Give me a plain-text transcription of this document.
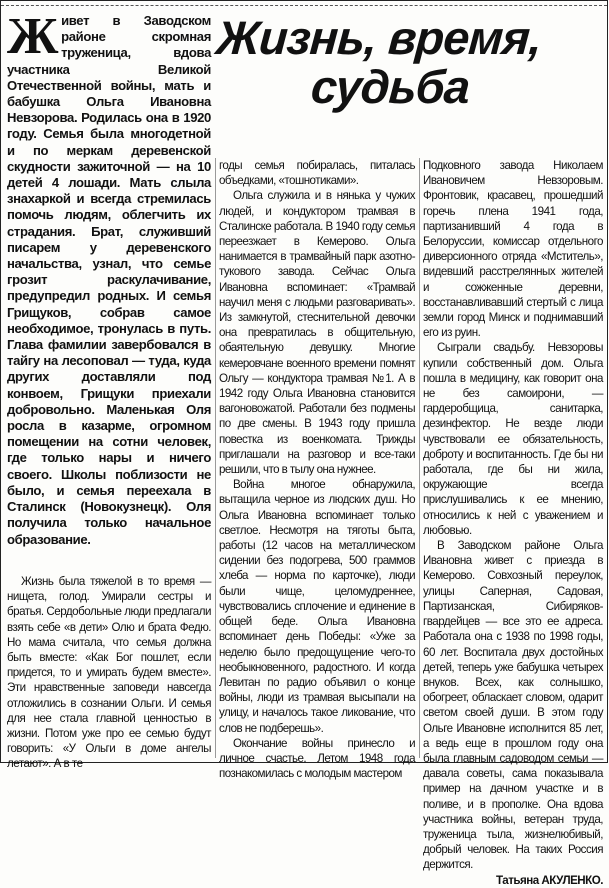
Жизнь, время,
судьба
Живет в Заводском районе скромная труженица, вдова участника Великой Отечественной войны, мать и бабушка Ольга Ивановна Невзорова. Родилась она в 1920 году. Семья была многодетной и по меркам деревенской скудности зажиточной — на 10 детей 4 лошади. Мать слыла знахаркой и всегда стремилась помочь людям, облегчить их страдания. Брат, служивший писарем у деревенского начальства, узнал, что семье грозит раскулачивание, предупредил родных. И семья Грищуков, собрав самое необходимое, тронулась в путь. Глава фамилии завербовался в тайгу на лесоповал — туда, куда других доставляли под конвоем, Грищуки приехали добровольно. Маленькая Оля росла в казарме, огромном помещении на сотни человек, где только нары и ничего своего. Школы поблизости не было, и семья переехала в Сталинск (Новокузнецк). Оля получила только начальное образование.

Жизнь была тяжелой в то время — нищета, голод. Умирали сестры и братья. Сердобольные люди предлагали взять себе «в дети» Олю и брата Федю. Но мама считала, что семья должна быть вместе: «Как Бог пошлет, если придется, то и умирать будем вместе». Эти нравственные заповеди навсегда отложились в сознании Ольги. И семья для нее стала главной ценностью в жизни. Потом уже про ее семью будут говорить: «У Ольги в доме ангелы летают». А в те

годы семья побиралась, питалась объедками, «тошнотиками».

Ольга служила и в нянька у чужих людей, и кондуктором трамвая в Сталинске работала. В 1940 году семья переезжает в Кемерово. Ольга нанимается в трамвайный парк азотно-тукового завода. Сейчас Ольга Ивановна вспоминает: «Трамвай научил меня с людьми разговаривать». Из замкнутой, стеснительной девочки она превратилась в общительную, обаятельную девушку. Многие кемеровчане военного времени помнят Ольгу — кондуктора трамвая №1. А в 1942 году Ольга Ивановна становится вагоновожатой. Работали без подмены по две смены. В 1943 году пришла повестка из военкомата. Трижды приглашали на разговор и все-таки решили, что в тылу она нужнее.

Война многое обнаружила, вытащила черное из людских душ. Но Ольга Ивановна вспоминает только светлое. Несмотря на тяготы быта, работы (12 часов на металлическом сидении без подогрева, 500 граммов хлеба — норма по карточке), люди были чище, целомудреннее, чувствовались сплочение и единение в общей беде. Ольга Ивановна вспоминает день Победы: «Уже за неделю было предощущение чего-то необыкновенного, радостного. И когда Левитан по радио объявил о конце войны, люди из трамвая высыпали на улицу, и началось такое ликование, что слов не подберешь».

Окончание войны принесло и личное счастье. Летом 1948 года познакомилась с молодым мастером

Подковного завода Николаем Ивановичем Невзоровым. Фронтовик, красавец, прошедший горечь плена 1941 года, партизанивший 4 года в Белоруссии, комиссар отдельного диверсионного отряда «Мститель», видевший расстрелянных жителей и сожженные деревни, восстанавливавший стертый с лица земли город Минск и поднимавший его из руин.

Сыграли свадьбу. Невзоровы купили собственный дом. Ольга пошла в медицину, как говорит она не без самоирони, — гардеробщица, санитарка, дезинфектор. Не везде люди чувствовали ее обязательность, доброту и воспитанность. Где бы ни работала, где бы ни жила, окружающие всегда прислушивались к ее мнению, относились к ней с уважением и любовью.

В Заводском районе Ольга Ивановна живет с приезда в Кемерово. Совхозный переулок, улицы Саперная, Садовая, Партизанская, Сибиряков-гвардейцев — все это ее адреса. Работала она с 1938 по 1998 годы, 60 лет. Воспитала двух достойных детей, теперь уже бабушка четырех внуков. Всех, как солнышко, обогреет, обласкает словом, одарит светом своей души. В этом году Ольге Ивановне исполнится 85 лет, а ведь еще в прошлом году она была главным садоводом семьи — давала советы, сама показывала пример на дачном участке и в поливе, и в прополке. Она вдова участника войны, ветеран труда, труженица тыла, жизнелюбивый, добрый человек. На таких Россия держится.

Татьяна АКУЛЕНКО.
